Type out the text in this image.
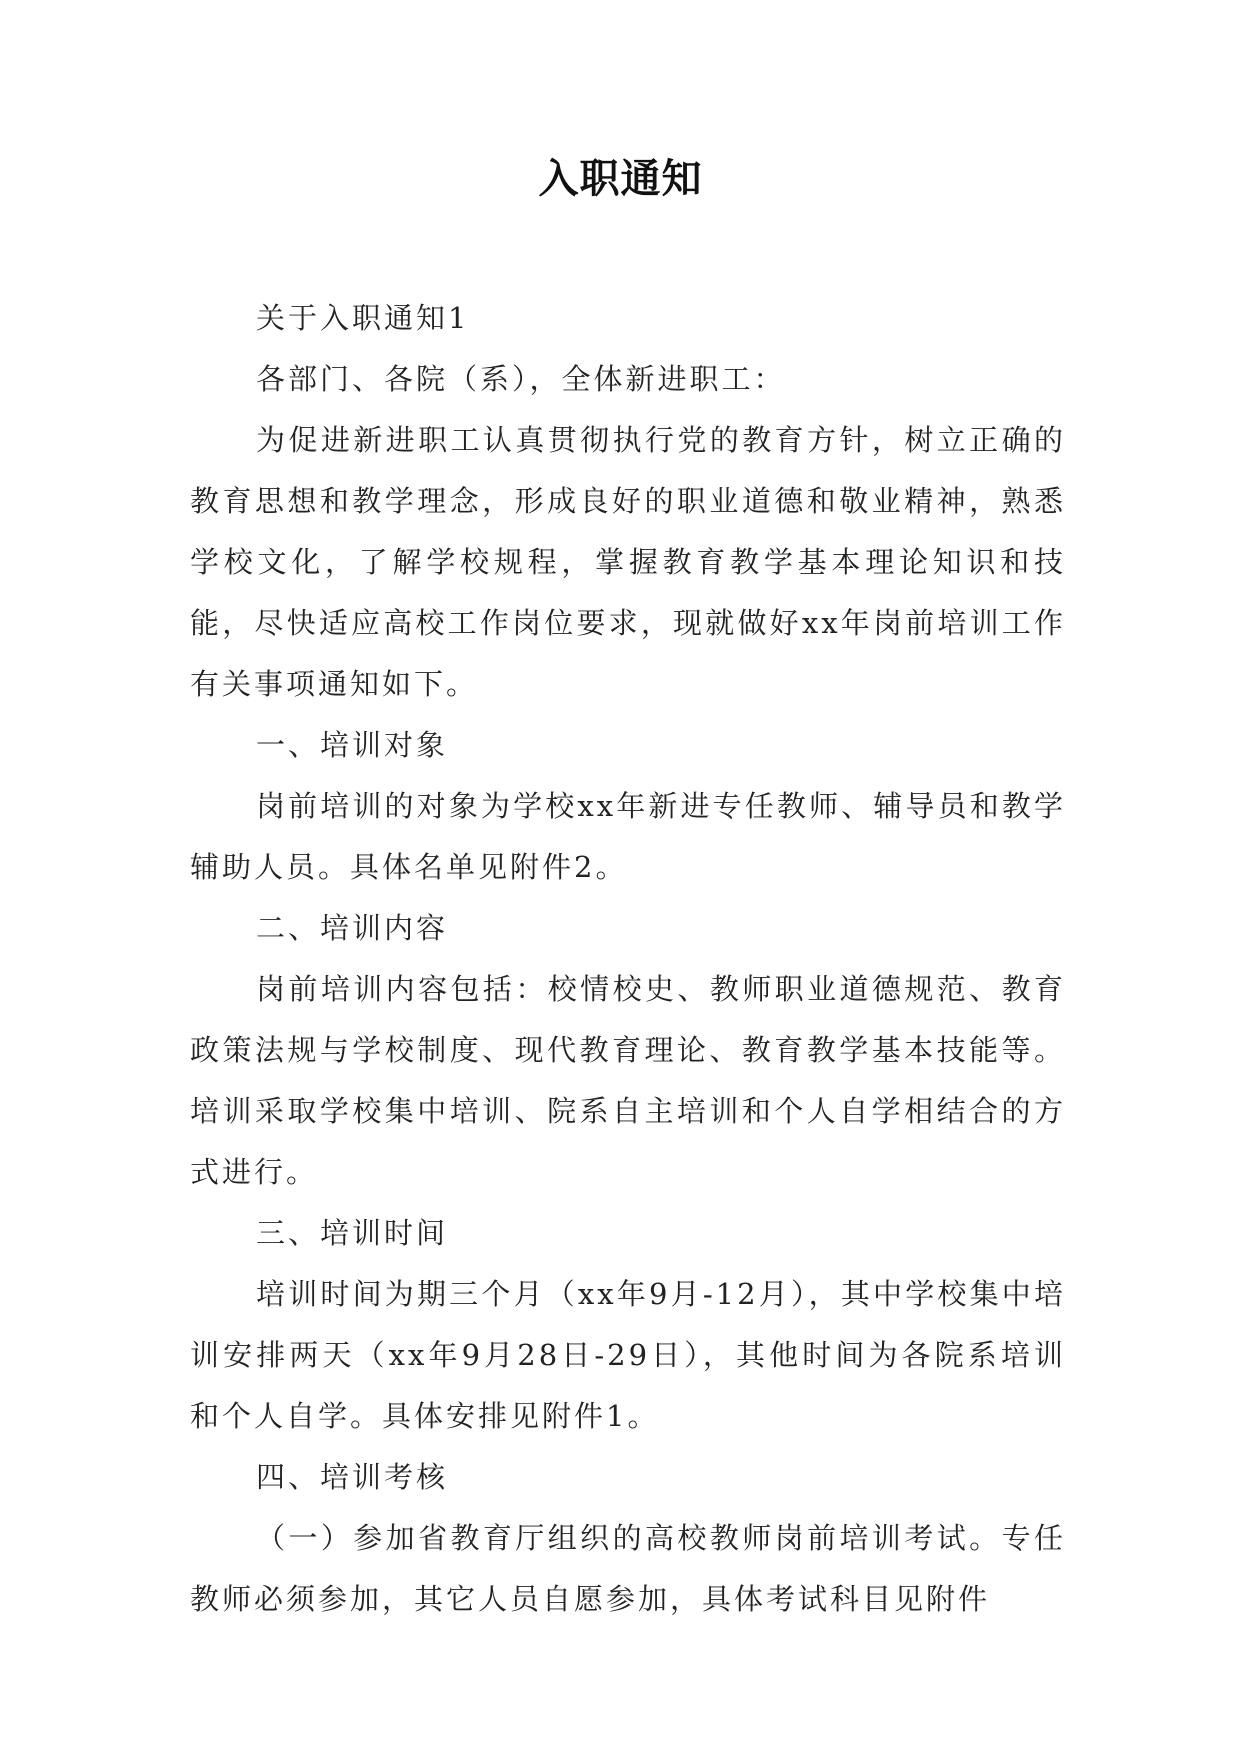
入职通知

关于入职通知1

各部门、各院（系），全体新进职工：

为促进新进职工认真贯彻执行党的教育方针，树立正确的教育思想和教学理念，形成良好的职业道德和敬业精神，熟悉学校文化，了解学校规程，掌握教育教学基本理论知识和技能，尽快适应高校工作岗位要求，现就做好xx年岗前培训工作有关事项通知如下。

一、培训对象

岗前培训的对象为学校xx年新进专任教师、辅导员和教学辅助人员。具体名单见附件2。

二、培训内容

岗前培训内容包括：校情校史、教师职业道德规范、教育政策法规与学校制度、现代教育理论、教育教学基本技能等。培训采取学校集中培训、院系自主培训和个人自学相结合的方式进行。

三、培训时间

培训时间为期三个月（xx年9月-12月），其中学校集中培训安排两天（xx年9月28日-29日），其他时间为各院系培训和个人自学。具体安排见附件1。

四、培训考核

（一）参加省教育厅组织的高校教师岗前培训考试。专任教师必须参加，其它人员自愿参加，具体考试科目见附件
